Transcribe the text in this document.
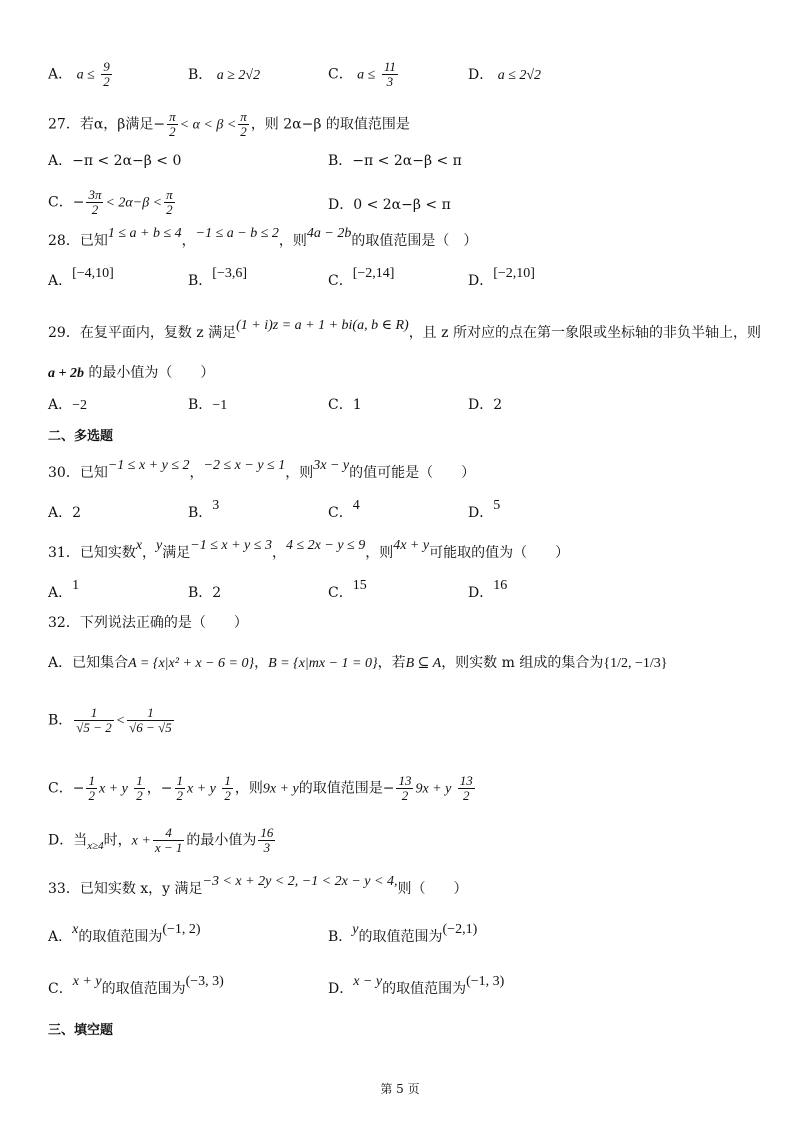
A． $a \le \frac{9}{2}$	B． a ≥ 2√2	C． $a \le \frac{11}{3}$	D． a ≤ 2√2
27．若α，β满足− $\frac{\pi}{2} < \alpha < \beta < \frac{\pi}{2}$ ，则 2α−β 的取值范围是
A．−π < 2α−β < 0	B．−π < 2α−β < π
C．− $\frac{3\pi}{2} < 2\alpha-\beta < \frac{\pi}{2}$	D．0 < 2α−β < π
28．已知1 ≤ a + b ≤ 4，−1 ≤ a − b ≤ 2，则4a − 2b的取值范围是（　）
A．[−4,10]	B．[−3,6]	C．[−2,14]	D．[−2,10]
29．在复平面内，复数 z 满足(1 + i)z = a + 1 + bi(a, b ∈ R)，且 z 所对应的点在第一象限或坐标轴的非负半轴上，则
a + 2b 的最小值为（　　）
A．−2	B．−1	C．1	D．2
二、多选题
30．已知−1 ≤ x + y ≤ 2，−2 ≤ x − y ≤ 1，则3x − y的值可能是（　　）
A．2	B．3	C．4	D．5
31．已知实数x，y满足−1 ≤ x + y ≤ 3，4 ≤ 2x − y ≤ 9，则4x + y可能取的值为（　　）
A．1	B．2	C．15	D．16
32．下列说法正确的是（　　）
A．已知集合A = {x|x² + x − 6 = 0}，B = {x|mx − 1 = 0}，若B ⊆ A，则实数 m 组成的集合为{1/2, −1/3}
B． $\frac{1}{√5 - 2} < \frac{1}{√6 - √5}$
C．− $\frac{1}{2}$ x + y $\frac{1}{2}$ ，− $\frac{1}{2}$ x + y $\frac{1}{2}$ ，则9x + y的取值范围是− $\frac{13}{2} 9x + y \frac{13}{2}$
D．当$_{x\ge 4}$时，$x + \frac{4}{x - 1}$ 的最小值为 $\frac{16}{3}$
33．已知实数 x，y 满足−3 < x + 2y < 2, −1 < 2x − y < 4,则（　　）
A．x的取值范围为(−1, 2)	B．y的取值范围为(−2,1)
C．x + y的取值范围为(−3, 3)	D．x − y的取值范围为(−1, 3)
三、填空题
第 5 页
